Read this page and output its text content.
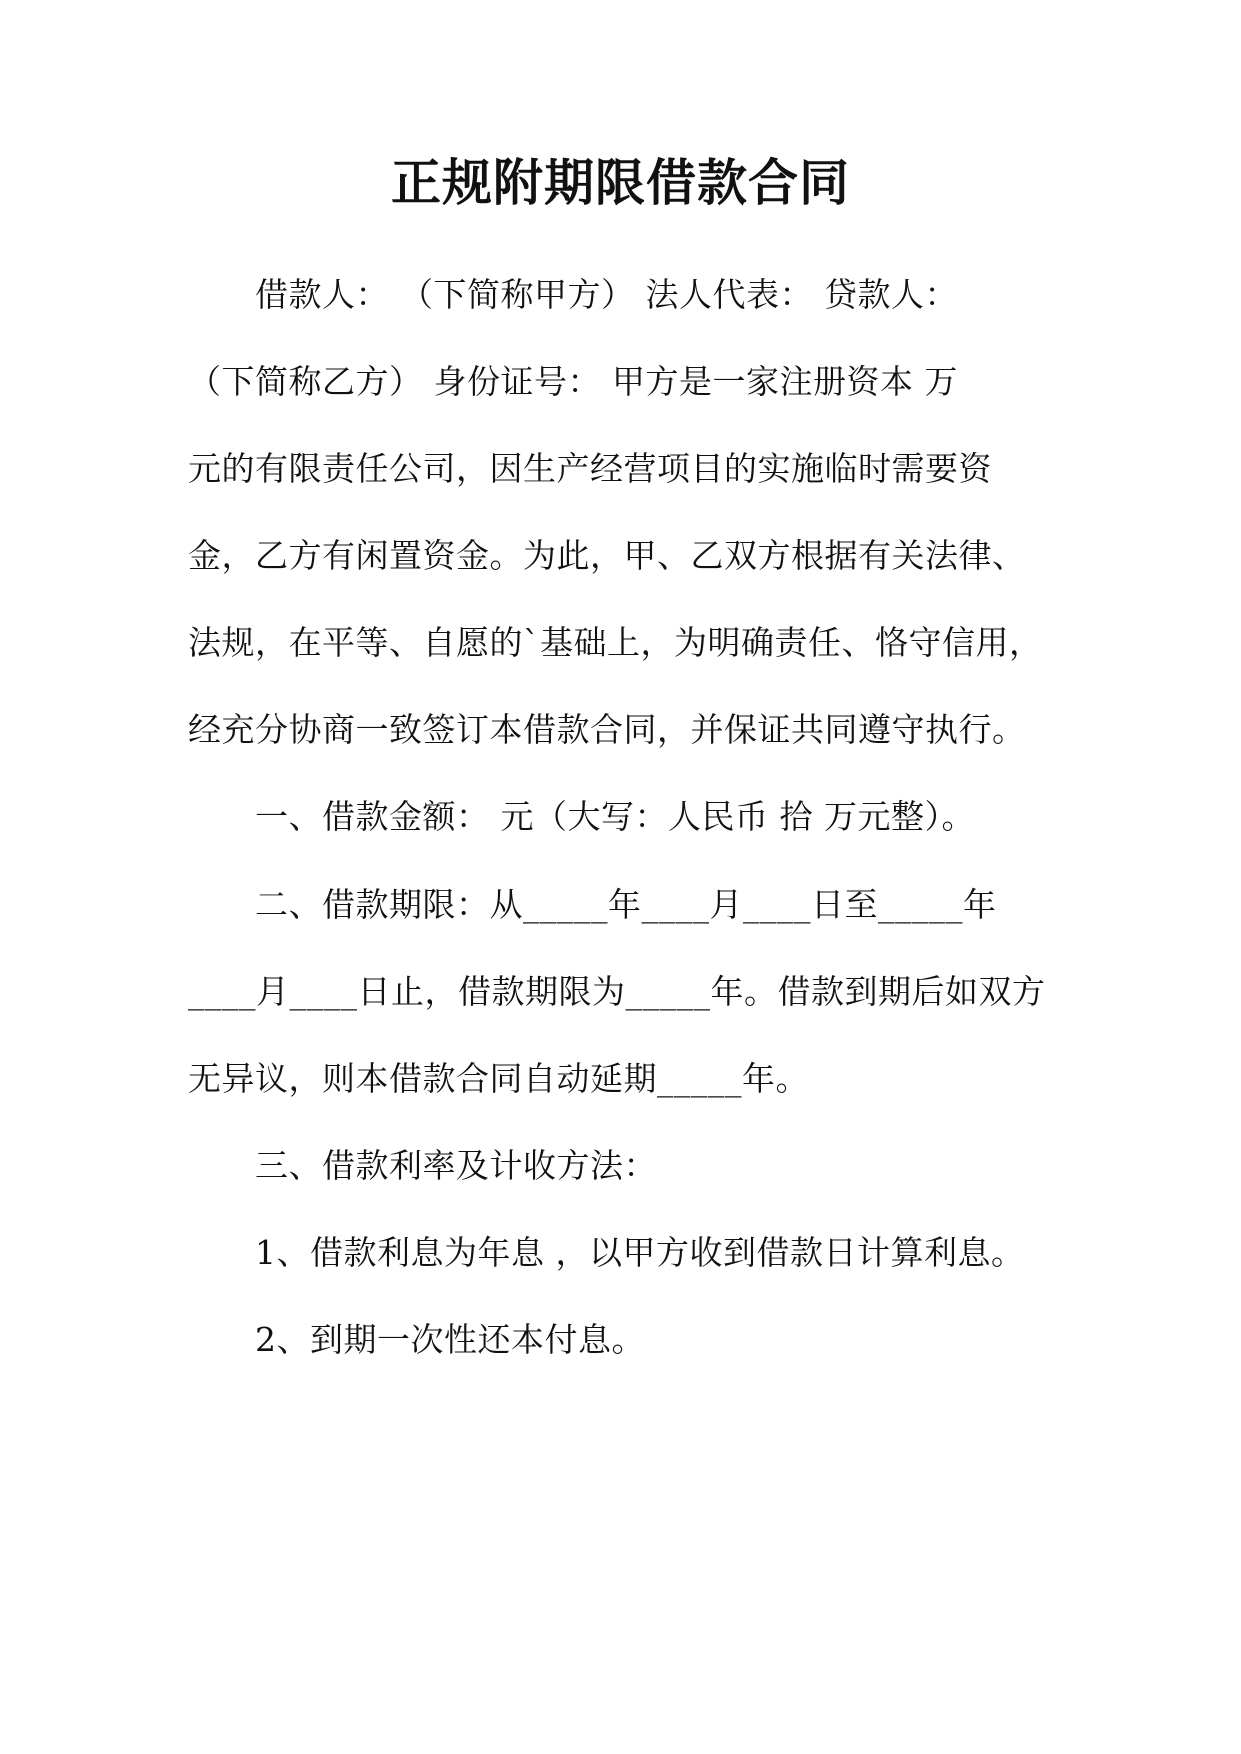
正规附期限借款合同
借款人： （下简称甲方） 法人代表： 贷款人：
（下简称乙方） 身份证号： 甲方是一家注册资本 万
元的有限责任公司，因生产经营项目的实施临时需要资
金，乙方有闲置资金。为此，甲、乙双方根据有关法律、
法规，在平等、自愿的`基础上，为明确责任、恪守信用，
经充分协商一致签订本借款合同，并保证共同遵守执行。
一、借款金额： 元（大写：人民币 拾 万元整）。
二、借款期限：从_____年____月____日至_____年
____月____日止，借款期限为_____年。借款到期后如双方
无异议，则本借款合同自动延期_____年。
三、借款利率及计收方法：
1、借款利息为年息 ，以甲方收到借款日计算利息。
2、到期一次性还本付息。
